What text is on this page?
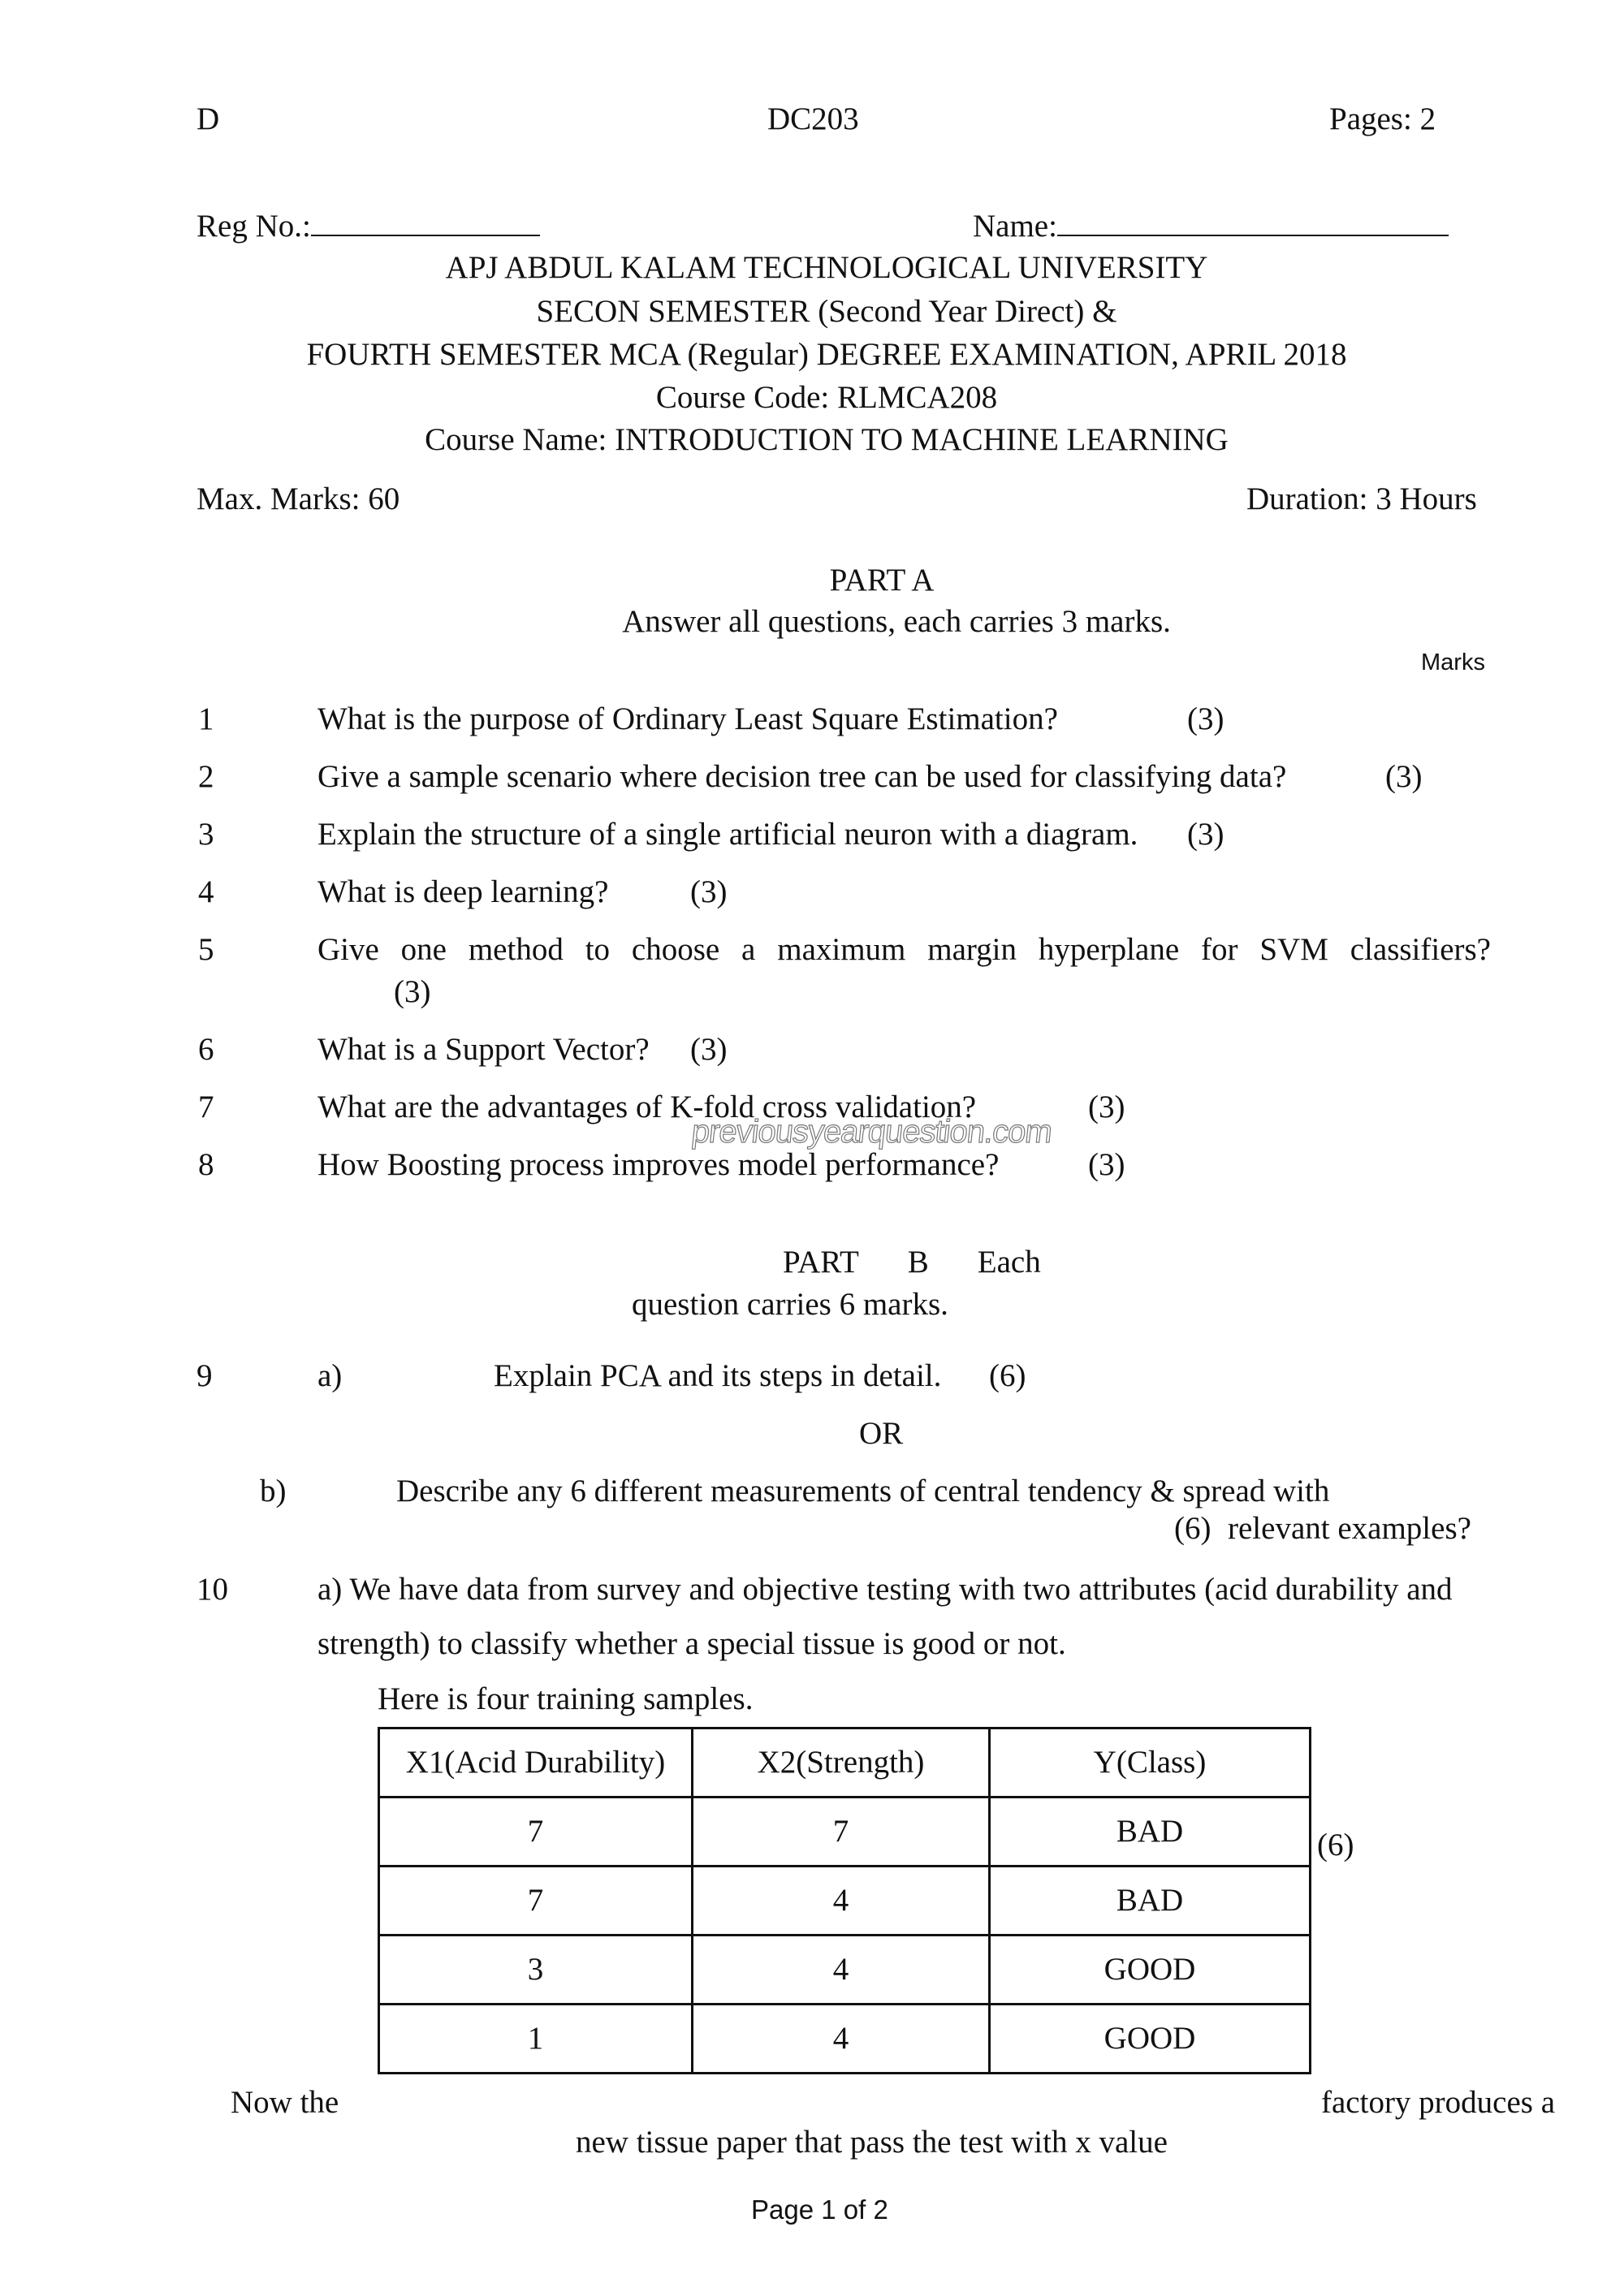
D	DC203	Pages: 2
Reg No.:	Name:
APJ ABDUL KALAM TECHNOLOGICAL UNIVERSITY
SECON SEMESTER (Second Year Direct) &
FOURTH SEMESTER MCA (Regular) DEGREE EXAMINATION, APRIL 2018
Course Code: RLMCA208
Course Name: INTRODUCTION TO MACHINE LEARNING
Max. Marks: 60	Duration: 3 Hours
PART A
Answer all questions, each carries 3 marks.
Marks
1	What is the purpose of Ordinary Least Square Estimation?	(3)
2	Give a sample scenario where decision tree can be used for classifying data?	(3)
3	Explain the structure of a single artificial neuron with a diagram. (3)
4	What is deep learning?	(3)
5	Give one method to choose a maximum margin hyperplane for SVM classifiers?
(3)
6	What is a Support Vector? (3)
7	What are the advantages of K-fold cross validation?	(3)
8	How Boosting process improves model performance?	(3)
previousyearquestion.com
PART B Each
question carries 6 marks.
9	a)	Explain PCA and its steps in detail. (6)
OR
b)	Describe any 6 different measurements of central tendency & spread with
(6) relevant examples?
10	a) We have data from survey and objective testing with two attributes (acid durability and
strength) to classify whether a special tissue is good or not.
Here is four training samples.
X1(Acid Durability)	X2(Strength)	Y(Class)
7	7	BAD
7	4	BAD
3	4	GOOD
1	4	GOOD
(6)
Now the	factory produces a
new tissue paper that pass the test with x value
Page 1 of 2
